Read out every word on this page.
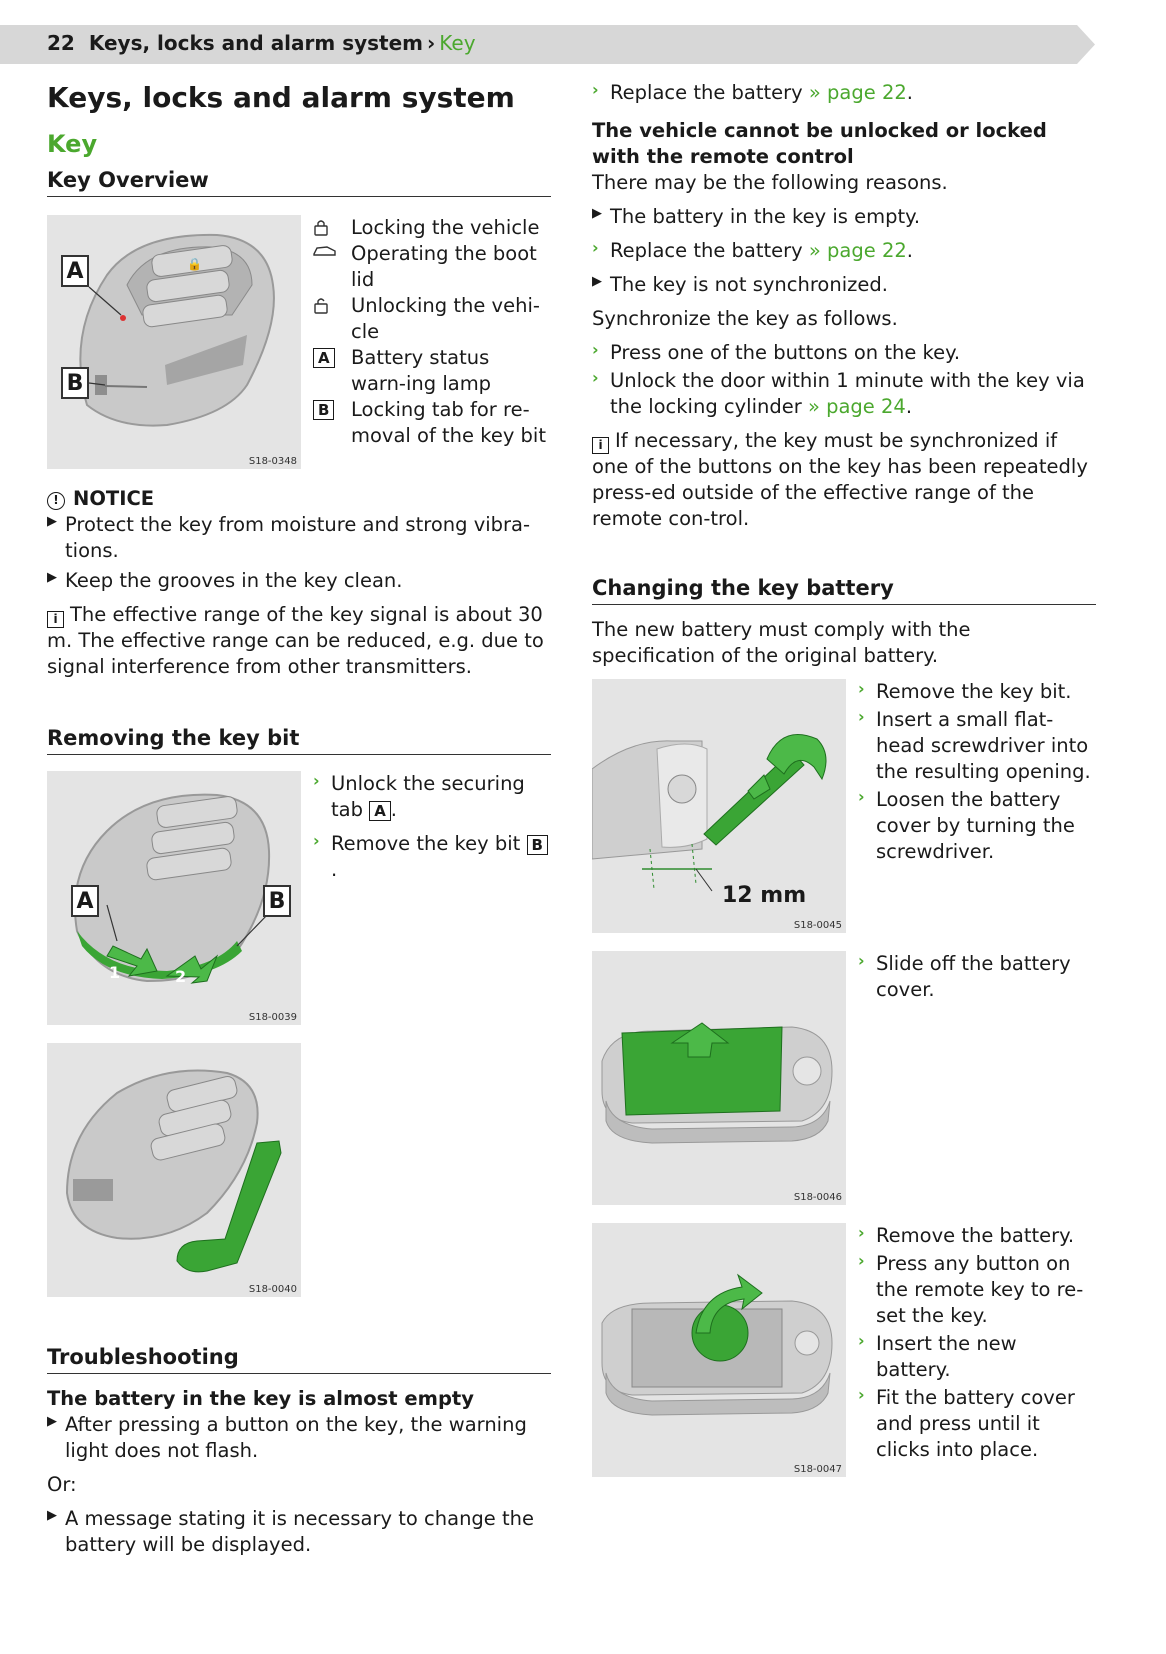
22 Keys, locks and alarm system › Key
Keys, locks and alarm system
Key
Key Overview
🔒
A
B
S18-0348
Locking the vehicle
Operating the boot lid
Unlocking the vehi-cle
A Battery status warn-ing lamp
B Locking tab for re-moval of the key bit
! NOTICE
▶ Protect the key from moisture and strong vibra-tions.
▶ Keep the grooves in the key clean.

i The effective range of the key signal is about 30 m. The effective range can be reduced, e.g. due to signal interference from other transmitters.

Removing the key bit
A	B
1	2
S18-0039
S18-0040
› Unlock the securing tab A .
› Remove the key bit B.
Troubleshooting
The battery in the key is almost empty
▶ After pressing a button on the key, the warning light does not flash.

Or:

▶ A message stating it is necessary to change the battery will be displayed.
› Replace the battery » page 22.
The vehicle cannot be unlocked or locked with the remote control

There may be the following reasons.

▶ The battery in the key is empty.
› Replace the battery » page 22.
▶ The key is not synchronized.

Synchronize the key as follows.

› Press one of the buttons on the key.
› Unlock the door within 1 minute with the key via the locking cylinder » page 24.

i If necessary, the key must be synchronized if one of the buttons on the key has been repeatedly press-ed outside of the effective range of the remote con-trol.

Changing the key battery

The new battery must comply with the specification of the original battery.

12 mm
S18-0045
› Remove the key bit.
› Insert a small flat-head screwdriver into the resulting opening.
› Loosen the battery cover by turning the screwdriver.
S18-0046
› Slide off the battery cover.
S18-0047
› Remove the battery.
› Press any button on the remote key to re-set the key.
› Insert the new battery.
› Fit the battery cover and press until it clicks into place.
